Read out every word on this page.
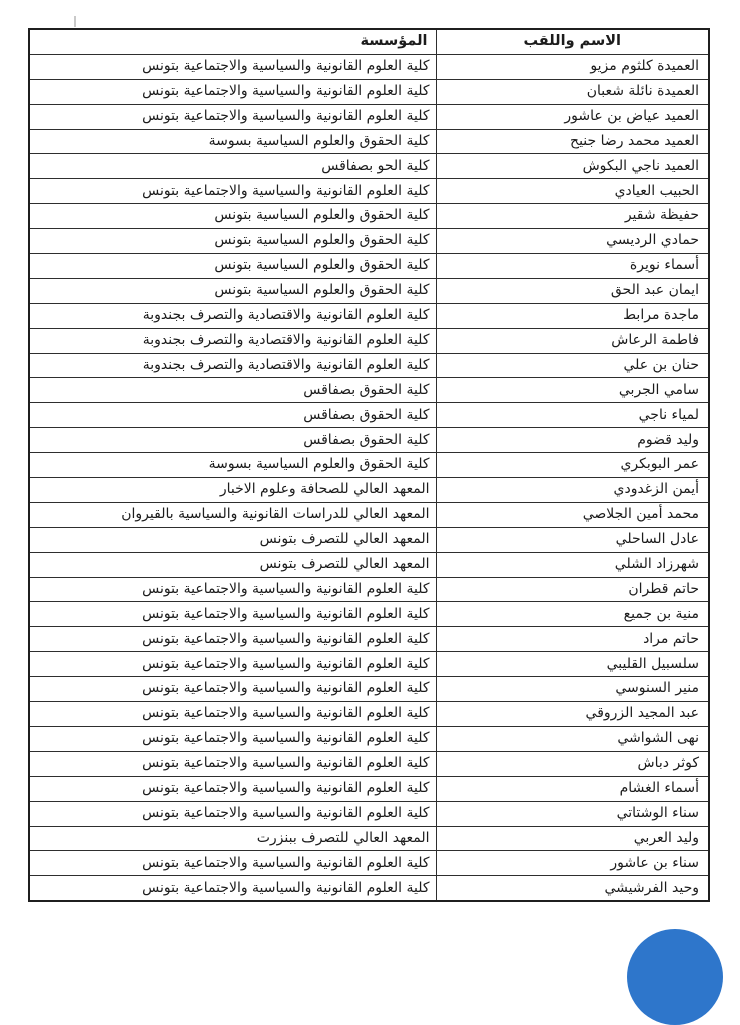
الاسم واللقب	المؤسسة
العميدة كلثوم مزيو	كلية العلوم القانونية والسياسية والاجتماعية بتونس
العميدة نائلة شعبان	كلية العلوم القانونية والسياسية والاجتماعية بتونس
العميد عياض بن عاشور	كلية العلوم القانونية والسياسية والاجتماعية بتونس
العميد محمد رضا جنيح	كلية الحقوق والعلوم السياسية بسوسة
العميد ناجي البكوش	كلية الحو بصفاقس
الحبيب العيادي	كلية العلوم القانونية والسياسية والاجتماعية بتونس
حفيظة شقير	كلية الحقوق والعلوم السياسية بتونس
حمادي الرديسي	كلية الحقوق والعلوم السياسية بتونس
أسماء نويرة	كلية الحقوق والعلوم السياسية بتونس
ايمان عبد الحق	كلية الحقوق والعلوم السياسية بتونس
ماجدة مرابط	كلية العلوم القانونية والاقتصادية والتصرف بجندوبة
فاطمة الرعاش	كلية العلوم القانونية والاقتصادية والتصرف بجندوبة
حنان بن علي	كلية العلوم القانونية والاقتصادية والتصرف بجندوبة
سامي الجربي	كلية الحقوق بصفاقس
لمياء ناجي	كلية الحقوق بصفاقس
وليد قضوم	كلية الحقوق بصفاقس
عمر البوبكري	كلية الحقوق والعلوم السياسية بسوسة
أيمن الزغدودي	المعهد العالي للصحافة وعلوم الاخبار
محمد أمين الجلاصي	المعهد العالي للدراسات القانونية والسياسية بالقيروان
عادل الساحلي	المعهد العالي للتصرف بتونس
شهرزاد الشلي	المعهد العالي للتصرف بتونس
حاتم قطران	كلية العلوم القانونية والسياسية والاجتماعية بتونس
منية بن جميع	كلية العلوم القانونية والسياسية والاجتماعية بتونس
حاتم مراد	كلية العلوم القانونية والسياسية والاجتماعية بتونس
سلسبيل القليبي	كلية العلوم القانونية والسياسية والاجتماعية بتونس
منير السنوسي	كلية العلوم القانونية والسياسية والاجتماعية بتونس
عبد المجيد الزروقي	كلية العلوم القانونية والسياسية والاجتماعية بتونس
نهى الشواشي	كلية العلوم القانونية والسياسية والاجتماعية بتونس
كوثر دباش	كلية العلوم القانونية والسياسية والاجتماعية بتونس
أسماء الغشام	كلية العلوم القانونية والسياسية والاجتماعية بتونس
سناء الوشتاتي	كلية العلوم القانونية والسياسية والاجتماعية بتونس
وليد العربي	المعهد العالي للتصرف ببنزرت
سناء بن عاشور	كلية العلوم القانونية والسياسية والاجتماعية بتونس
وحيد الفرشيشي	كلية العلوم القانونية والسياسية والاجتماعية بتونس
